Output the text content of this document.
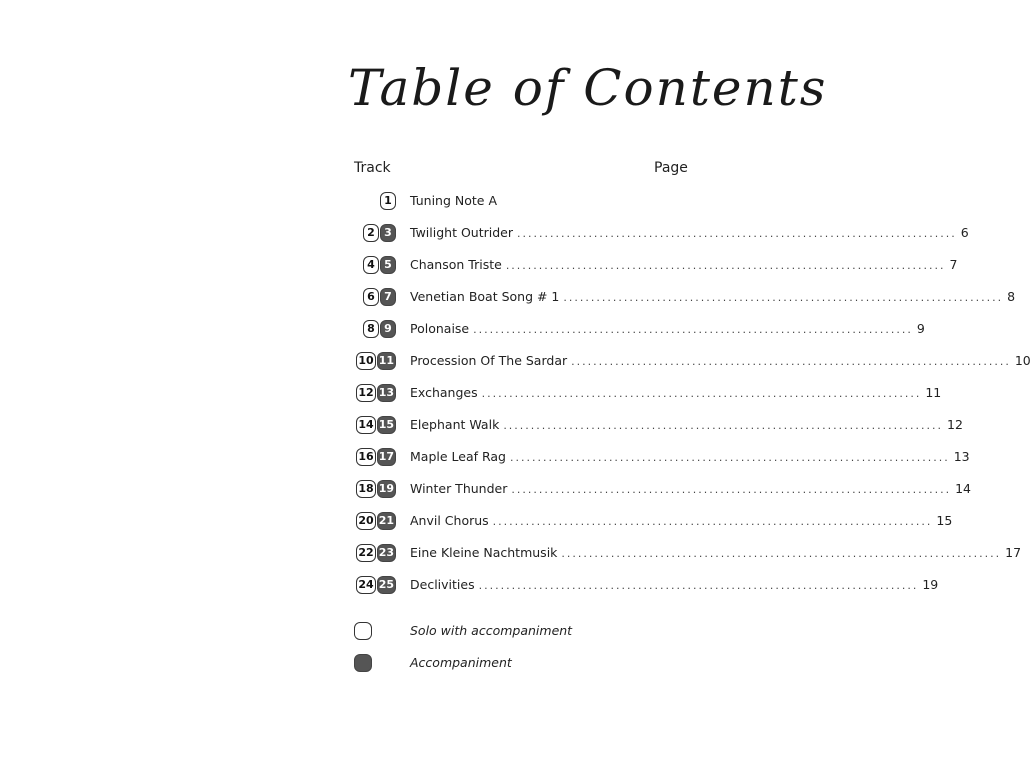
Table of Contents
Track	Page
1	Tuning Note A
2 3	Twilight Outrider ................................................................................ 6
4 5	Chanson Triste ................................................................................ 7
6 7	Venetian Boat Song # 1 ................................................................................ 8
8 9	Polonaise ................................................................................ 9
10 11 Procession Of The Sardar ................................................................................ 10
12 13 Exchanges ................................................................................ 11
14 15 Elephant Walk ................................................................................ 12
16 17 Maple Leaf Rag ................................................................................ 13
18 19 Winter Thunder ................................................................................ 14
20 21 Anvil Chorus ................................................................................ 15
22 23 Eine Kleine Nachtmusik ................................................................................ 17
24 25 Declivities ................................................................................ 19
Solo with accompaniment
Accompaniment
